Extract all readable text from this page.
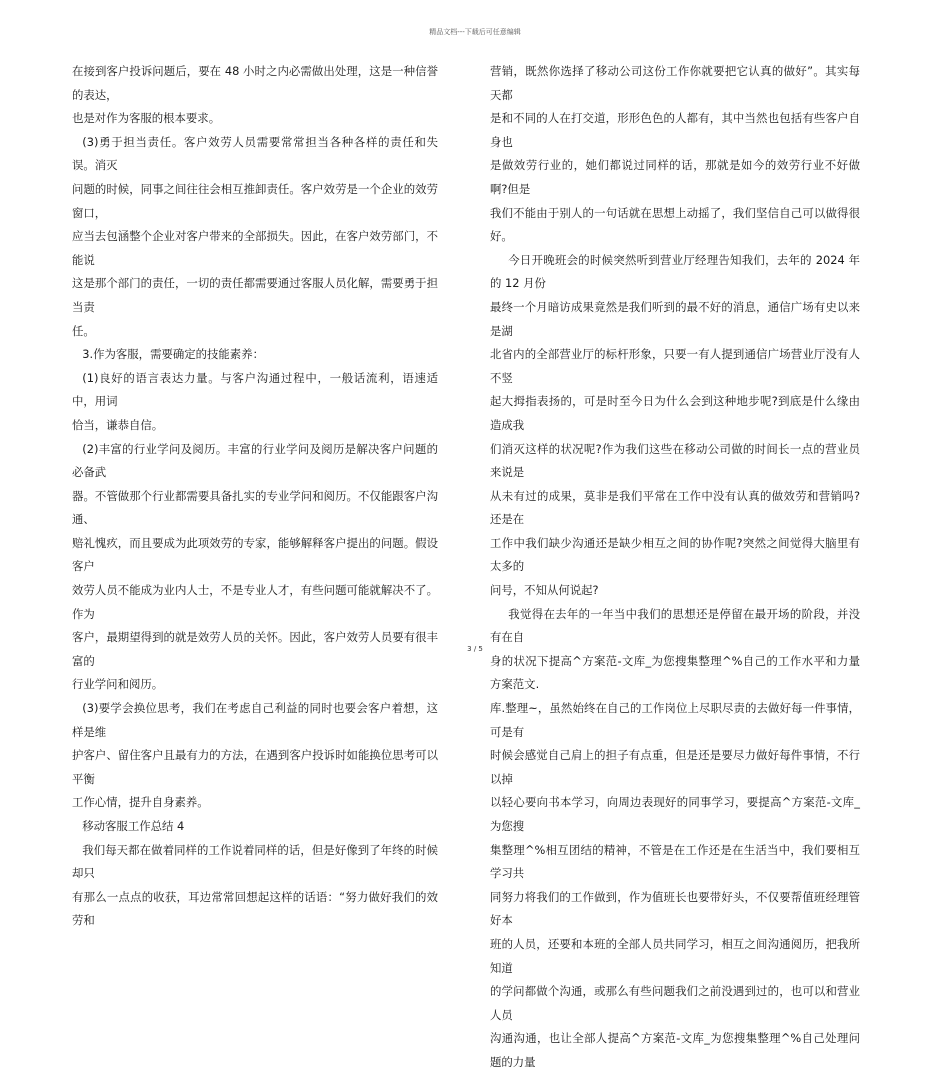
精品文档---下载后可任意编辑
在接到客户投诉问题后，要在 48 小时之内必需做出处理，这是一种信誉的表达，
也是对作为客服的根本要求。
(3)勇于担当责任。客户效劳人员需要常常担当各种各样的责任和失误。消灭
问题的时候，同事之间往往会相互推卸责任。客户效劳是一个企业的效劳窗口，
应当去包涵整个企业对客户带来的全部损失。因此，在客户效劳部门，不能说
这是那个部门的责任，一切的责任都需要通过客服人员化解，需要勇于担当责
任。
3.作为客服，需要确定的技能素养：
(1)良好的语言表达力量。与客户沟通过程中，一般话流利，语速适中，用词
恰当，谦恭自信。
(2)丰富的行业学问及阅历。丰富的行业学问及阅历是解决客户问题的必备武
器。不管做那个行业都需要具备扎实的专业学问和阅历。不仅能跟客户沟通、
赔礼愧疚，而且要成为此项效劳的专家，能够解释客户提出的问题。假设客户
效劳人员不能成为业内人士，不是专业人才，有些问题可能就解决不了。作为
客户，最期望得到的就是效劳人员的关怀。因此，客户效劳人员要有很丰富的
行业学问和阅历。
(3)要学会换位思考，我们在考虑自己利益的同时也要会客户着想，这样是维
护客户、留住客户且最有力的方法，在遇到客户投诉时如能换位思考可以平衡
工作心情，提升自身素养。
移动客服工作总结 4
我们每天都在做着同样的工作说着同样的话，但是好像到了年终的时候却只
有那么一点点的收获，耳边常常回想起这样的话语：“努力做好我们的效劳和
营销，既然你选择了移动公司这份工作你就要把它认真的做好”。其实每天都
是和不同的人在打交道，形形色色的人都有，其中当然也包括有些客户自身也
是做效劳行业的，她们都说过同样的话，那就是如今的效劳行业不好做啊?但是
我们不能由于别人的一句话就在思想上动摇了，我们坚信自己可以做得很好。
今日开晚班会的时候突然听到营业厅经理告知我们，去年的 2024 年的 12 月份
最终一个月暗访成果竟然是我们听到的最不好的消息，通信广场有史以来是湖
北省内的全部营业厅的标杆形象，只要一有人提到通信广场营业厅没有人不竖
起大拇指表扬的，可是时至今日为什么会到这种地步呢?到底是什么缘由造成我
们消灭这样的状况呢?作为我们这些在移动公司做的时间长一点的营业员来说是
从未有过的成果，莫非是我们平常在工作中没有认真的做效劳和营销吗?还是在
工作中我们缺少沟通还是缺少相互之间的协作呢?突然之间觉得大脑里有太多的
问号，不知从何说起?
我觉得在去年的一年当中我们的思想还是停留在最开场的阶段，并没有在自
身的状况下提高^方案范-文库_为您搜集整理^%自己的工作水平和力量方案范文.
库.整理~，虽然始终在自己的工作岗位上尽职尽责的去做好每一件事情，可是有
时候会感觉自己肩上的担子有点重，但是还是要尽力做好每件事情，不行以掉
以轻心要向书本学习，向周边表现好的同事学习，要提高^方案范-文库_为您搜
集整理^%相互团结的精神，不管是在工作还是在生活当中，我们要相互学习共
同努力将我们的工作做到，作为值班长也要带好头，不仅要帮值班经理管好本
班的人员，还要和本班的全部人员共同学习，相互之间沟通阅历，把我所知道
的学问都做个沟通，或那么有些问题我们之前没遇到过的，也可以和营业人员
沟通沟通，也让全部人提高^方案范-文库_为您搜集整理^%自己处理问题的力量
3 / 5
